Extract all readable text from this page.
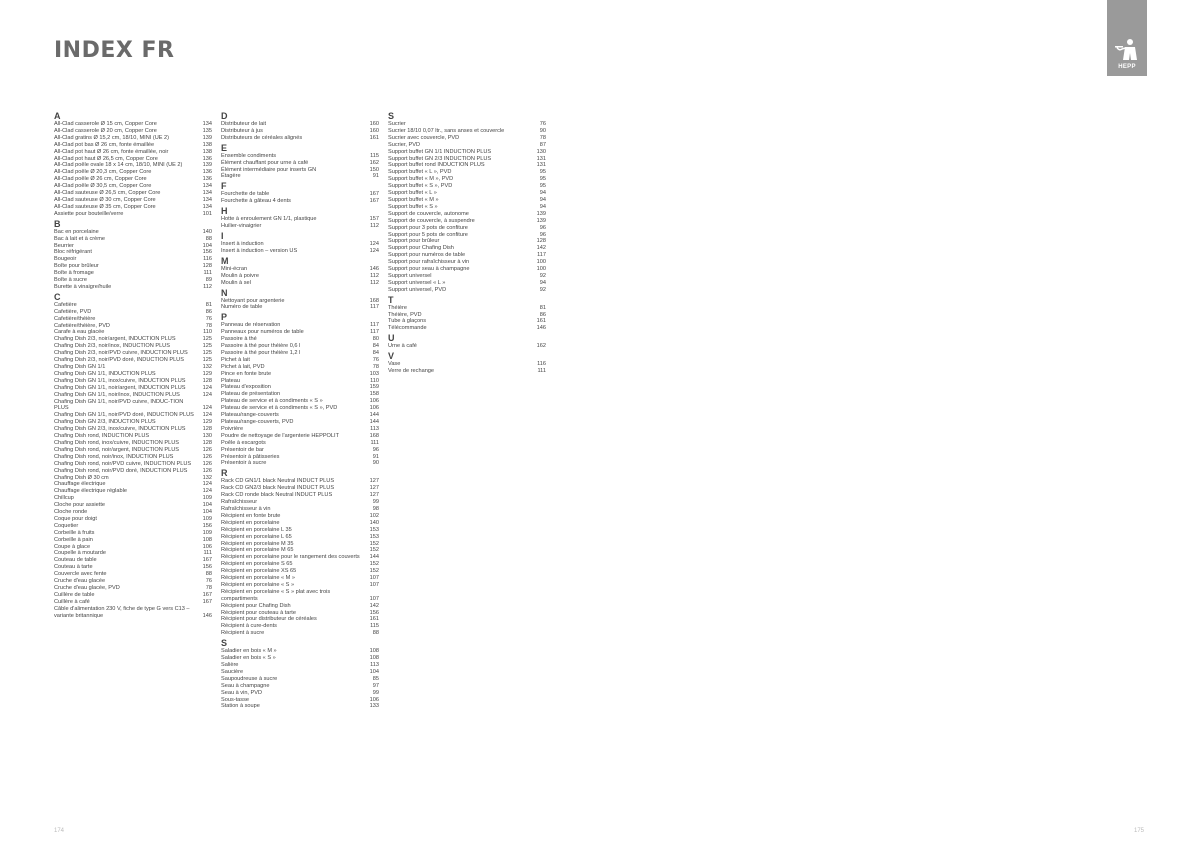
INDEX FR
HEPP
A
All-Clad casserole Ø 15 cm, Copper Core	134
All-Clad casserole Ø 20 cm, Copper Core	135
All-Clad gratins Ø 15,2 cm, 18/10, MINI (UE 2)	139
All-Clad pot bas Ø 26 cm, fonte émaillée	138
All-Clad pot haut Ø 26 cm, fonte émaillée, noir	138
All-Clad pot haut Ø 26,5 cm, Copper Core	136
All-Clad poêle ovale 18 x 14 cm, 18/10, MINI (UE 2)	139
All-Clad poêle Ø 20,3 cm, Copper Core	136
All-Clad poêle Ø 26 cm, Copper Core	136
All-Clad poêle Ø 30,5 cm, Copper Core	134
All-Clad sauteuse Ø 26,5 cm, Copper Core	134
All-Clad sauteuse Ø 30 cm, Copper Core	134
All-Clad sauteuse Ø 35 cm, Copper Core	134
Assiette pour bouteille/verre	101
B
Bac en porcelaine	140
Bac à lait et à crème	88
Beurrier	104
Bloc réfrigérant	156
Bougeoir	116
Boîte pour brûleur	128
Boîte à fromage	111
Boîte à sucre	89
Burette à vinaigre/huile	112
C
Cafetière	81
Cafetière, PVD	86
Cafetière/théière	76
Cafetière/théière, PVD	78
Carafe à eau glacée	110
Chafing Dish 2/3, noir/argent, INDUCTION PLUS	125
Chafing Dish 2/3, noir/inox, INDUCTION PLUS	125
Chafing Dish 2/3, noir/PVD cuivre, INDUCTION PLUS	125
Chafing Dish 2/3, noir/PVD doré, INDUCTION PLUS	125
Chafing Dish GN 1/1	132
Chafing Dish GN 1/1, INDUCTION PLUS	129
Chafing Dish GN 1/1, inox/cuivre, INDUCTION PLUS	128
Chafing Dish GN 1/1, noir/argent, INDUCTION PLUS	124
Chafing Dish GN 1/1, noir/inox, INDUCTION PLUS	124
Chafing Dish GN 1/1, noir/PVD cuivre, INDUC-TION PLUS	124
Chafing Dish GN 1/1, noir/PVD doré, INDUCTION PLUS	124
Chafing Dish GN 2/3, INDUCTION PLUS	129
Chafing Dish GN 2/3, inox/cuivre, INDUCTION PLUS	128
Chafing Dish rond, INDUCTION PLUS	130
Chafing Dish rond, inox/cuivre, INDUCTION PLUS	128
Chafing Dish rond, noir/argent, INDUCTION PLUS	126
Chafing Dish rond, noir/inox, INDUCTION PLUS	126
Chafing Dish rond, noir/PVD cuivre, INDUCTION PLUS	126
Chafing Dish rond, noir/PVD doré, INDUCTION PLUS	126
Chafing Dish Ø 30 cm	132
Chauffage électrique	124
Chauffage électrique réglable	124
Chillcup	109
Cloche pour assiette	104
Cloche ronde	104
Coque pour doigt	109
Coquetier	156
Corbeille à fruits	109
Corbeille à pain	108
Coupe à glace	106
Coupelle à moutarde	111
Couteau de table	167
Couteau à tarte	156
Couvercle avec fente	88
Cruche d'eau glacée	76
Cruche d'eau glacée, PVD	78
Cuillère de table	167
Cuillère à café	167
Câble d'alimentation 230 V, fiche de type G vers C13 – variante britannique	146
D
Distributeur de lait	160
Distributeur à jus	160
Distributeurs de céréales alignés	161
E
Ensemble condiments	115
Élément chauffant pour urne à café	162
Élément intermédiaire pour inserts GN	150
Étagère	91
F
Fourchette de table	167
Fourchette à gâteau 4 dents	167
H
Hotte à enroulement GN 1/1, plastique	157
Huilier-vinaigrier	112
I
Insert à induction	124
Insert à induction – version US	124
M
Mini-écran	146
Moulin à poivre	112
Moulin à sel	112
N
Nettoyant pour argenterie	168
Numéro de table	117
P
Panneau de réservation	117
Panneaux pour numéros de table	117
Passoire à thé	80
Passoire à thé pour théière 0,6 l	84
Passoire à thé pour théière 1,2 l	84
Pichet à lait	76
Pichet à lait, PVD	78
Pince en fonte brute	103
Plateau	110
Plateau d'exposition	159
Plateau de présentation	158
Plateau de service et à condiments « S »	106
Plateau de service et à condiments « S », PVD	106
Plateau/range-couverts	144
Plateau/range-couverts, PVD	144
Poivrière	113
Poudre de nettoyage de l'argenterie HEPPOLIT	168
Poêle à escargots	111
Présentoir de bar	96
Présentoir à pâtisseries	91
Présentoir à sucre	90
R
Rack CD GN1/1 black Neutral INDUCT PLUS	127
Rack CD GN2/3 black Neutral INDUCT PLUS	127
Rack CD ronde black Neutral INDUCT PLUS	127
Rafraîchisseur	99
Rafraîchisseur à vin	98
Récipient en fonte brute	102
Récipient en porcelaine	140
Récipient en porcelaine L 35	153
Récipient en porcelaine L 65	153
Récipient en porcelaine M 35	152
Récipient en porcelaine M 65	152
Récipient en porcelaine pour le rangement des couverts	144
Récipient en porcelaine S 65	152
Récipient en porcelaine XS 65	152
Récipient en porcelaine « M »	107
Récipient en porcelaine « S »	107
Récipient en porcelaine « S » plat avec trois compartiments	107
Récipient pour Chafing Dish	142
Récipient pour couteau à tarte	156
Récipient pour distributeur de céréales	161
Récipient à cure-dents	115
Récipient à sucre	88
S
Saladier en bois « M »	108
Saladier en bois « S »	108
Salière	113
Saucière	104
Saupoudreuse à sucre	85
Seau à champagne	97
Seau à vin, PVD	99
Sous-tasse	106
Station à soupe	133
S
Sucrier	76
Sucrier 18/10 0,07 ltr., sans anses et couvercle	90
Sucrier avec couvercle, PVD	78
Sucrier, PVD	87
Support buffet GN 1/1 INDUCTION PLUS	130
Support buffet GN 2/3 INDUCTION PLUS	131
Support buffet rond INDUCTION PLUS	131
Support buffet « L », PVD	95
Support buffet « M », PVD	95
Support buffet « S », PVD	95
Support buffet « L »	94
Support buffet « M »	94
Support buffet « S »	94
Support de couvercle, autonome	139
Support de couvercle, à suspendre	139
Support pour 3 pots de confiture	96
Support pour 5 pots de confiture	96
Support pour brûleur	128
Support pour Chafing Dish	142
Support pour numéros de table	117
Support pour rafraîchisseur à vin	100
Support pour seau à champagne	100
Support universel	92
Support universel « L »	94
Support universel, PVD	92
T
Théière	81
Théière, PVD	86
Tube à glaçons	161
Télécommande	146
U
Urne à café	162
V
Vase	116
Verre de rechange	111
174	175
